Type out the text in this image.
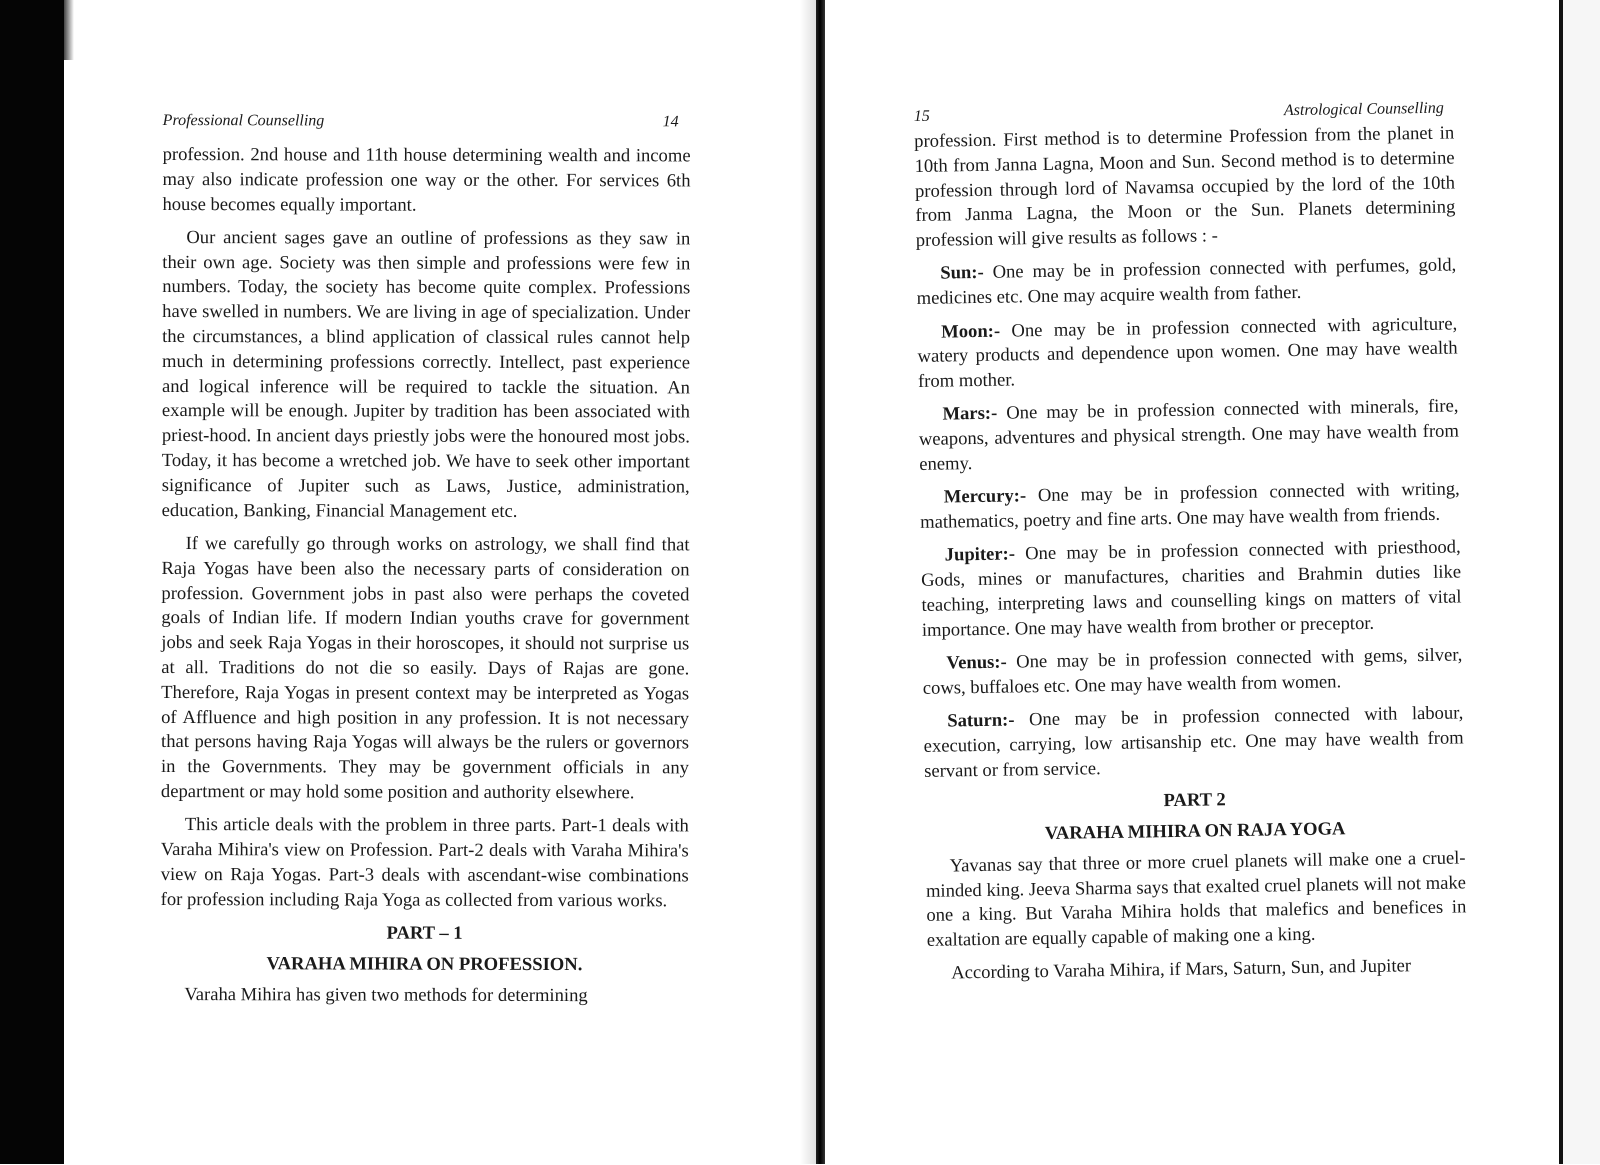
Professional Counselling	14

profession. 2nd house and 11th house determining wealth and income may also indicate profession one way or the other. For services 6th house becomes equally important.

Our ancient sages gave an outline of professions as they saw in their own age. Society was then simple and professions were few in numbers. Today, the society has become quite complex. Professions have swelled in numbers. We are living in age of specialization. Under the circumstances, a blind application of classical rules cannot help much in determining professions correctly. Intellect, past experience and logical inference will be required to tackle the situation. An example will be enough. Jupiter by tradition has been associated with priest-hood. In ancient days priestly jobs were the honoured most jobs. Today, it has become a wretched job. We have to seek other important significance of Jupiter such as Laws, Justice, administration, education, Banking, Financial Management etc.

If we carefully go through works on astrology, we shall find that Raja Yogas have been also the necessary parts of consideration on profession. Government jobs in past also were perhaps the coveted goals of Indian life. If modern Indian youths crave for government jobs and seek Raja Yogas in their horoscopes, it should not surprise us at all. Traditions do not die so easily. Days of Rajas are gone. Therefore, Raja Yogas in present context may be interpreted as Yogas of Affluence and high position in any profession. It is not necessary that persons having Raja Yogas will always be the rulers or governors in the Governments. They may be government officials in any department or may hold some position and authority elsewhere.

This article deals with the problem in three parts. Part-1 deals with Varaha Mihira's view on Profession. Part-2 deals with Varaha Mihira's view on Raja Yogas. Part-3 deals with ascendant-wise combinations for profession including Raja Yoga as collected from various works.

PART – 1
VARAHA MIHIRA ON PROFESSION.

Varaha Mihira has given two methods for determining

15	Astrological Counselling

profession. First method is to determine Profession from the planet in 10th from Janna Lagna, Moon and Sun. Second method is to determine profession through lord of Navamsa occupied by the lord of the 10th from Janma Lagna, the Moon or the Sun. Planets determining profession will give results as follows : -

Sun:- One may be in profession connected with perfumes, gold, medicines etc. One may acquire wealth from father.

Moon:- One may be in profession connected with agriculture, watery products and dependence upon women. One may have wealth from mother.

Mars:- One may be in profession connected with minerals, fire, weapons, adventures and physical strength. One may have wealth from enemy.

Mercury:- One may be in profession connected with writing, mathematics, poetry and fine arts. One may have wealth from friends.

Jupiter:- One may be in profession connected with priesthood, Gods, mines or manufactures, charities and Brahmin duties like teaching, interpreting laws and counselling kings on matters of vital importance. One may have wealth from brother or preceptor.

Venus:- One may be in profession connected with gems, silver, cows, buffaloes etc. One may have wealth from women.

Saturn:- One may be in profession connected with labour, execution, carrying, low artisanship etc. One may have wealth from servant or from service.

PART 2
VARAHA MIHIRA ON RAJA YOGA

Yavanas say that three or more cruel planets will make one a cruel-minded king. Jeeva Sharma says that exalted cruel planets will not make one a king. But Varaha Mihira holds that malefics and benefices in exaltation are equally capable of making one a king.

According to Varaha Mihira, if Mars, Saturn, Sun, and Jupiter
